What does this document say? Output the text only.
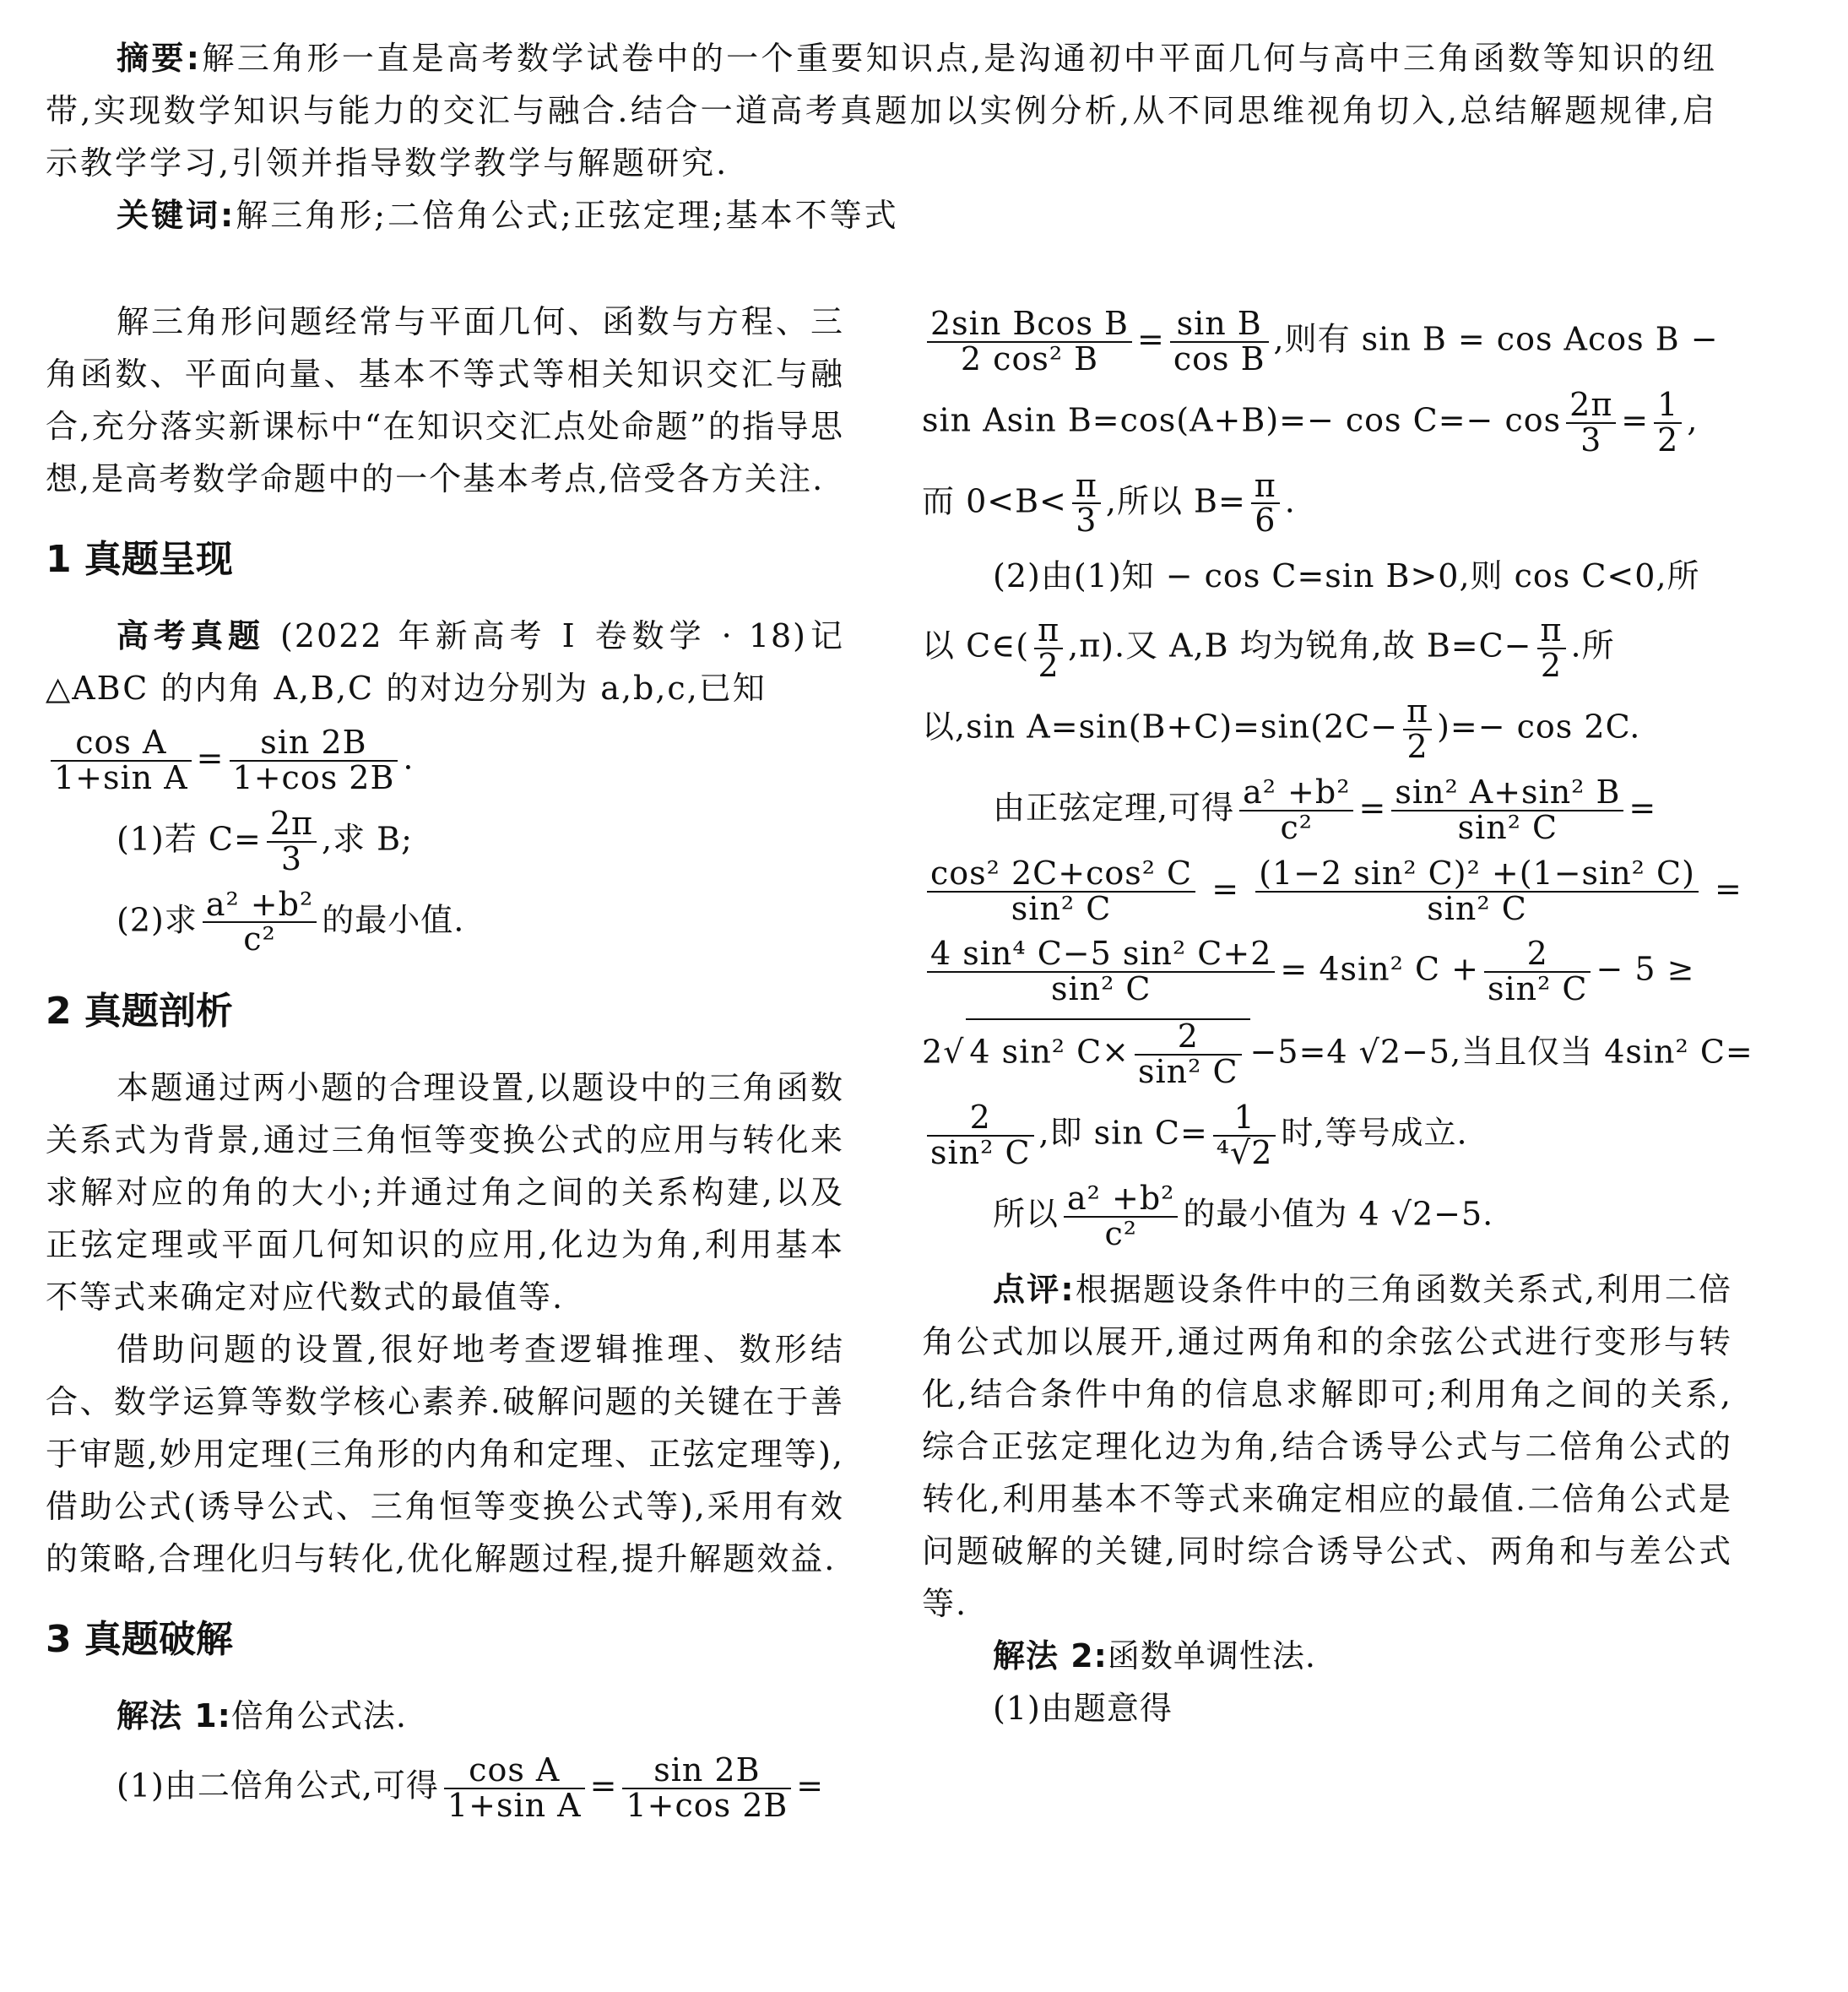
摘要:解三角形一直是高考数学试卷中的一个重要知识点,是沟通初中平面几何与高中三角函数等知识的纽带,实现数学知识与能力的交汇与融合.结合一道高考真题加以实例分析,从不同思维视角切入,总结解题规律,启示教学学习,引领并指导数学教学与解题研究.
关键词:解三角形;二倍角公式;正弦定理;基本不等式

解三角形问题经常与平面几何、函数与方程、三角函数、平面向量、基本不等式等相关知识交汇与融合,充分落实新课标中“在知识交汇点处命题”的指导思想,是高考数学命题中的一个基本考点,倍受各方关注.

1 真题呈现

高考真题 (2022 年新高考 Ⅰ 卷数学 · 18)记△ABC 的内角 A,B,C 的对边分别为 a,b,c,已知

$\frac{\text{cos A}}{\text{1+sin A}} = \frac{\sin 2B}{1+\cos 2B}$ .
(1)若 $C= \frac{2\pi}{3}$ ,求 B;
(2)求 $\frac{\text{a² +b²}}{\text{c²}}$ 的最小值.
2 真题剖析

本题通过两小题的合理设置,以题设中的三角函数关系式为背景,通过三角恒等变换公式的应用与转化来求解对应的角的大小;并通过角之间的关系构建,以及正弦定理或平面几何知识的应用,化边为角,利用基本不等式来确定对应代数式的最值等.

借助问题的设置,很好地考查逻辑推理、数形结合、数学运算等数学核心素养.破解问题的关键在于善于审题,妙用定理(三角形的内角和定理、正弦定理等),借助公式(诱导公式、三角恒等变换公式等),采用有效的策略,合理化归与转化,优化解题过程,提升解题效益.

3 真题破解
解法 1:倍角公式法.
(1)由二倍角公式,可得 $\frac{\text{cos A}}{\text{1+sin A}} = \frac{\sin 2B}{1+\cos 2B}$ =
$\frac{\text{2sin Bcos B}}{\text{2 cos² B}} = \frac{\text{sin B}}{\text{cos B}}$ ,则有 sin B = cos Acos B −
sin Asin $B=\cos(A+B)=- \cos C=- \cos \frac{2\pi}{3} = \frac{1}{2}$ ,
而 $0<B< \frac{\pi}{3}$ ,所以 $B= \frac{\pi}{6}$ .
(2)由(1)知 − cos C=sin B>0,则 cos C<0,所
以 C∈( $\frac{\pi}{2} ,\pi$).又 A,B 均为锐角,故 $B=C- \frac{\pi}{2}$ .所
以,sin $A=\sin(B+C)=\sin(2C- \frac{\pi}{2}$ )=− cos 2C.
由正弦定理,可得 $\frac{\text{a² +b²}}{\text{c²}} = \frac{\text{sin² A+sin² B}}{\text{sin² C}}$ =
$\frac{\text{cos² 2C+cos² C}}{\text{sin² C}} = \frac{\text{(1−2 sin² C)² +(1−sin² C)}}{\text{sin² C}}$ =
$\frac{\text{4 sin⁴ C−5 sin² C+2}}{\text{sin² C}} = 4\sin^2$ $C + \frac{2}{\text{sin² C}} - 5$ ≥
2√ 4 sin² $C\times \frac{2}{\text{sin² C}} -5=4$ √2−5,当且仅当 4sin² C=
$\frac{2}{\text{sin² C}}$ ,即 $\sin C= \frac{1}{\text{⁴√2}}$ 时,等号成立.
所以 $\frac{\text{a² +b²}}{\text{c²}}$ 的最小值为 4 √2−5.

点评:根据题设条件中的三角函数关系式,利用二倍角公式加以展开,通过两角和的余弦公式进行变形与转化,结合条件中角的信息求解即可;利用角之间的关系,综合正弦定理化边为角,结合诱导公式与二倍角公式的转化,利用基本不等式来确定相应的最值.二倍角公式是问题破解的关键,同时综合诱导公式、两角和与差公式等.

解法 2:函数单调性法.
(1)由题意得
